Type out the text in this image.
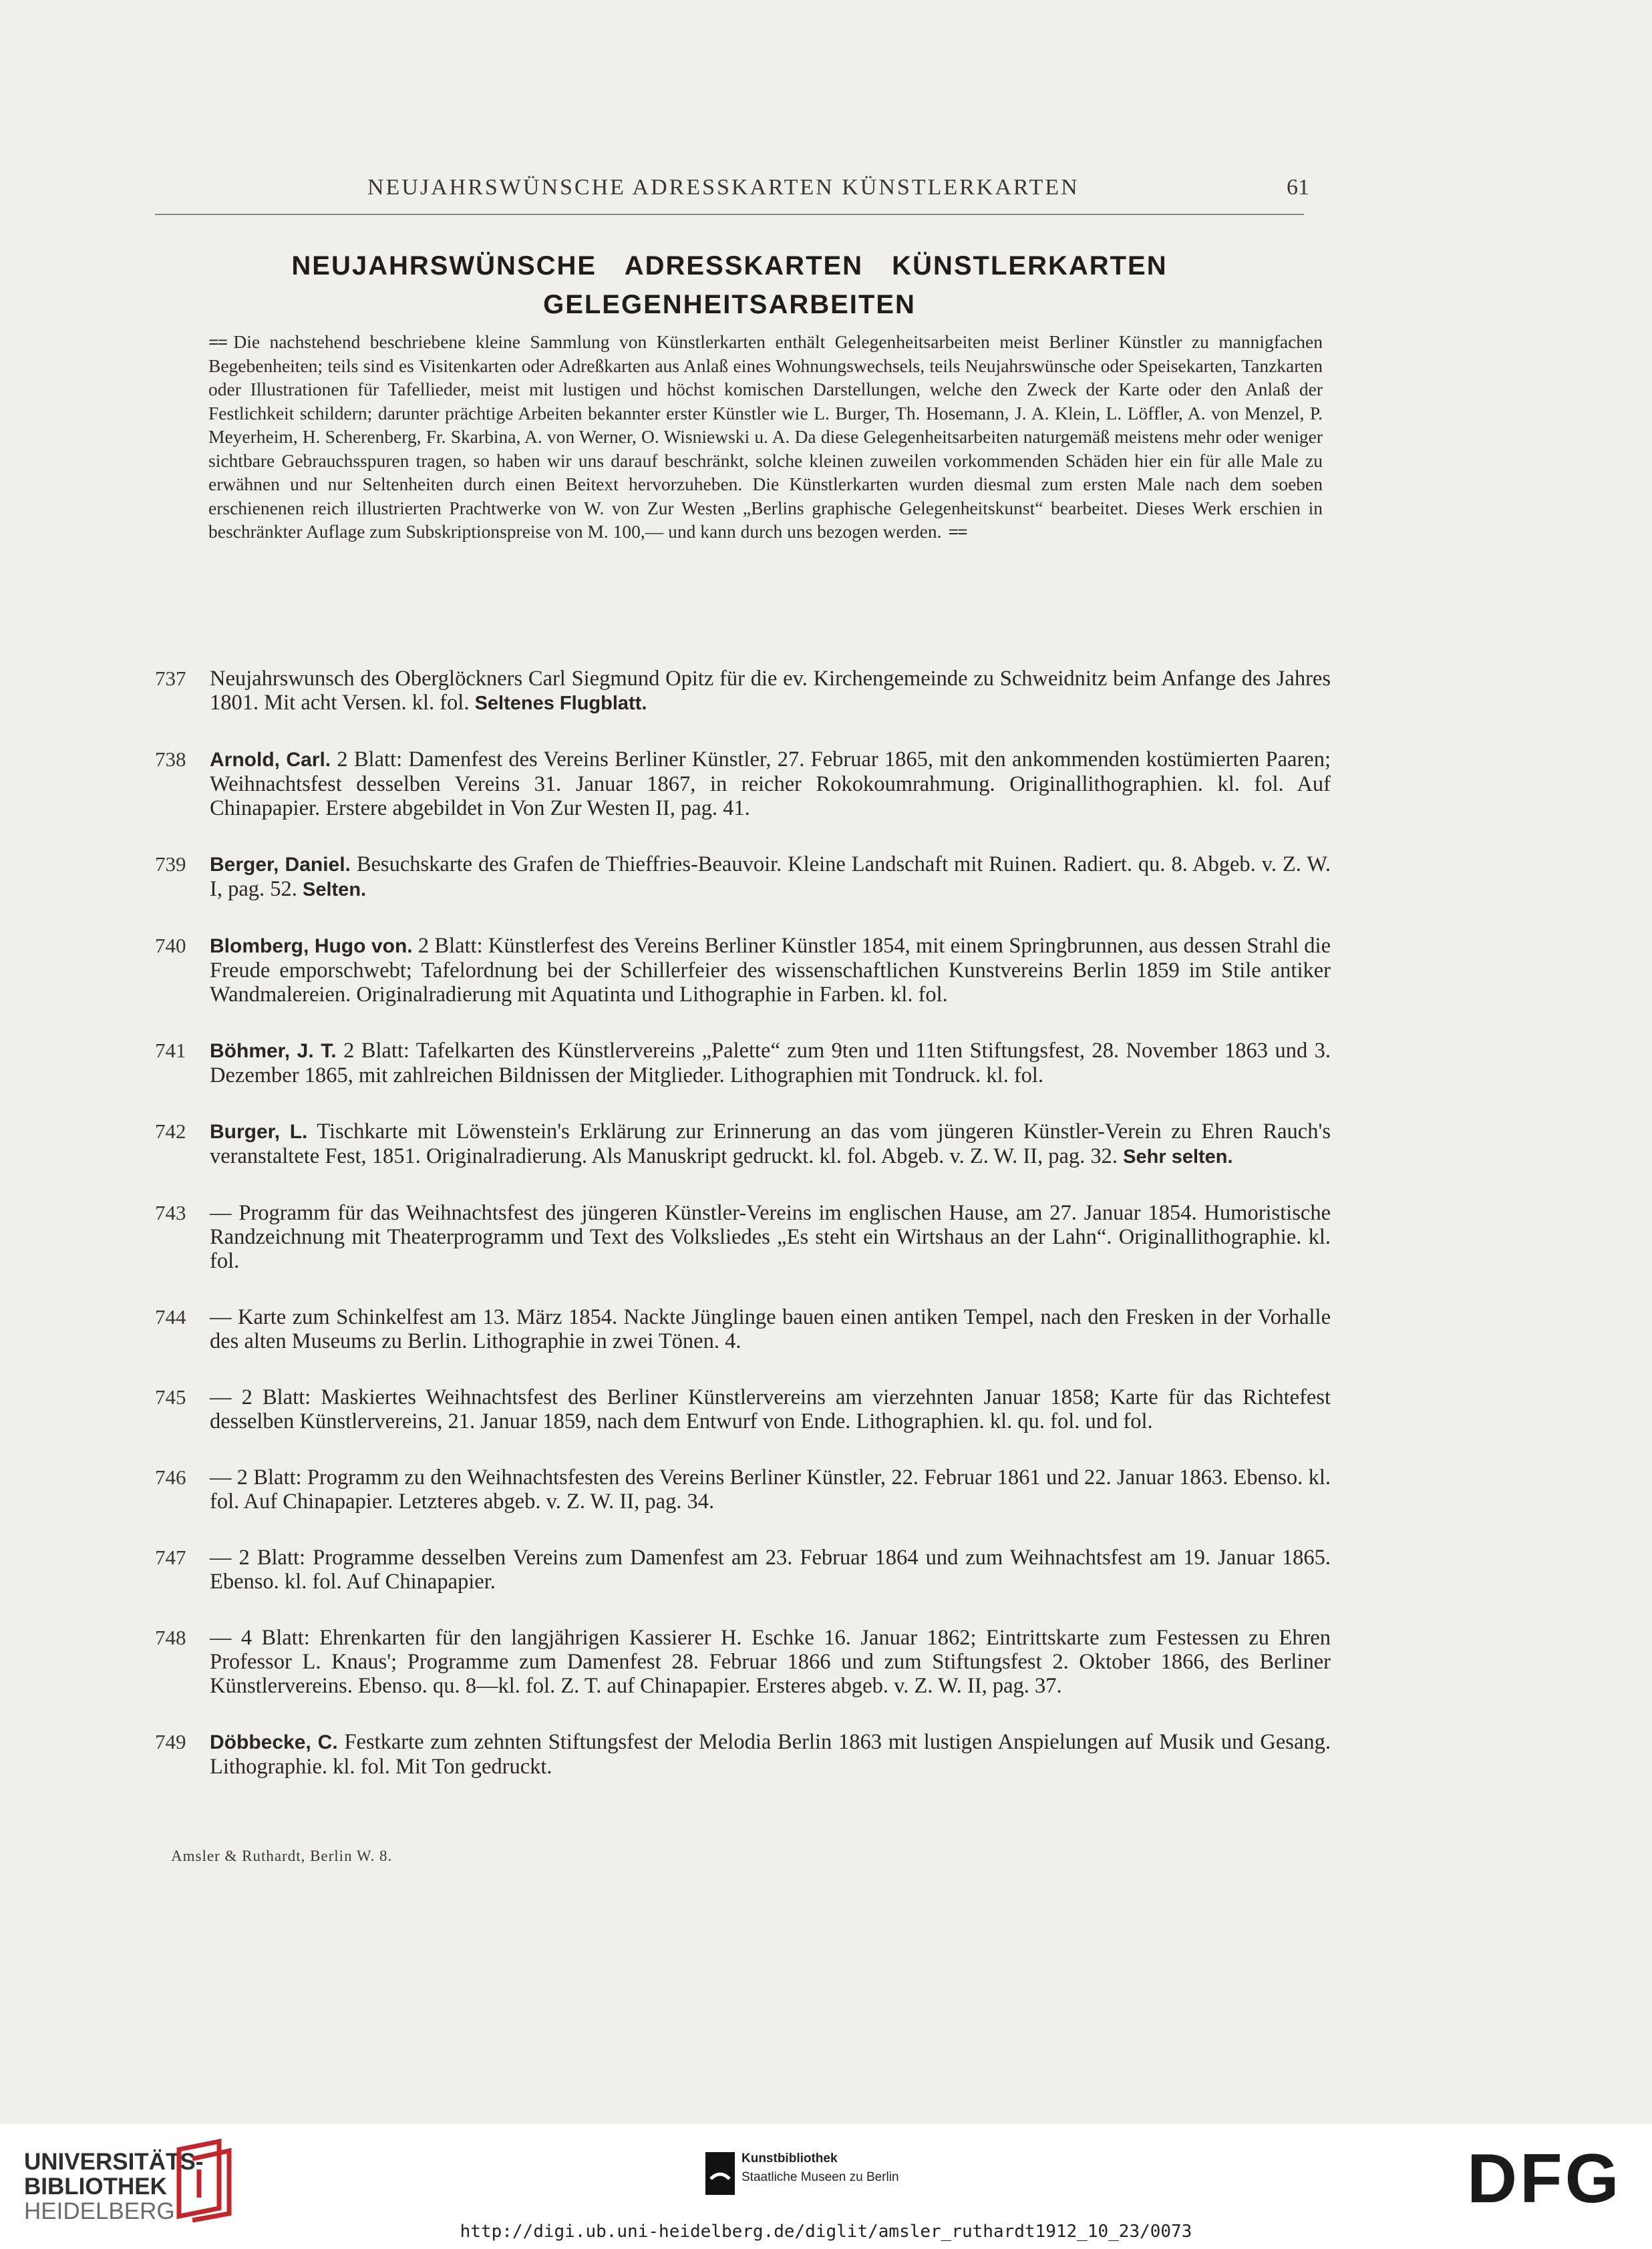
NEUJAHRSWÜNSCHE ADRESSKARTEN KÜNSTLERKARTEN	61
NEUJAHRSWÜNSCHE ADRESSKARTEN KÜNSTLERKARTEN
GELEGENHEITSARBEITEN
== Die nachstehend beschriebene kleine Sammlung von Künstlerkarten enthält Gelegenheitsarbeiten meist Berliner Künstler zu mannigfachen Begebenheiten; teils sind es Visitenkarten oder Adreßkarten aus Anlaß eines Wohnungswechsels, teils Neujahrswünsche oder Speisekarten, Tanzkarten oder Illustrationen für Tafellieder, meist mit lustigen und höchst komischen Darstellungen, welche den Zweck der Karte oder den Anlaß der Festlichkeit schildern; darunter prächtige Arbeiten bekannter erster Künstler wie L. Burger, Th. Hosemann, J. A. Klein, L. Löffler, A. von Menzel, P. Meyerheim, H. Scherenberg, Fr. Skarbina, A. von Werner, O. Wisniewski u. A. Da diese Gelegenheitsarbeiten naturgemäß meistens mehr oder weniger sichtbare Gebrauchsspuren tragen, so haben wir uns darauf beschränkt, solche kleinen zuweilen vorkommenden Schäden hier ein für alle Male zu erwähnen und nur Seltenheiten durch einen Beitext hervorzuheben. Die Künstlerkarten wurden diesmal zum ersten Male nach dem soeben erschienenen reich illustrierten Prachtwerke von W. von Zur Westen „Berlins graphische Gelegenheitskunst“ bearbeitet. Dieses Werk erschien in beschränkter Auflage zum Subskriptionspreise von M. 100,— und kann durch uns bezogen werden. ==
737 Neujahrswunsch des Oberglöckners Carl Siegmund Opitz für die ev. Kirchengemeinde zu Schweidnitz beim Anfange des Jahres 1801. Mit acht Versen. kl. fol. Seltenes Flugblatt.
738 Arnold, Carl. 2 Blatt: Damenfest des Vereins Berliner Künstler, 27. Februar 1865, mit den ankommenden kostümierten Paaren; Weihnachtsfest desselben Vereins 31. Januar 1867, in reicher Rokokoumrahmung. Originallithographien. kl. fol. Auf Chinapapier. Erstere abgebildet in Von Zur Westen II, pag. 41.
739 Berger, Daniel. Besuchskarte des Grafen de Thieffries-Beauvoir. Kleine Landschaft mit Ruinen. Radiert. qu. 8. Abgeb. v. Z. W. I, pag. 52. Selten.
740 Blomberg, Hugo von. 2 Blatt: Künstlerfest des Vereins Berliner Künstler 1854, mit einem Springbrunnen, aus dessen Strahl die Freude emporschwebt; Tafelordnung bei der Schillerfeier des wissenschaftlichen Kunstvereins Berlin 1859 im Stile antiker Wandmalereien. Originalradierung mit Aquatinta und Lithographie in Farben. kl. fol.
741 Böhmer, J. T. 2 Blatt: Tafelkarten des Künstlervereins „Palette“ zum 9ten und 11ten Stiftungsfest, 28. November 1863 und 3. Dezember 1865, mit zahlreichen Bildnissen der Mitglieder. Lithographien mit Tondruck. kl. fol.
742 Burger, L. Tischkarte mit Löwenstein's Erklärung zur Erinnerung an das vom jüngeren Künstler-Verein zu Ehren Rauch's veranstaltete Fest, 1851. Originalradierung. Als Manuskript gedruckt. kl. fol. Abgeb. v. Z. W. II, pag. 32. Sehr selten.
743 — Programm für das Weihnachtsfest des jüngeren Künstler-Vereins im englischen Hause, am 27. Januar 1854. Humoristische Randzeichnung mit Theaterprogramm und Text des Volksliedes „Es steht ein Wirtshaus an der Lahn“. Originallithographie. kl. fol.
744 — Karte zum Schinkelfest am 13. März 1854. Nackte Jünglinge bauen einen antiken Tempel, nach den Fresken in der Vorhalle des alten Museums zu Berlin. Lithographie in zwei Tönen. 4.
745 — 2 Blatt: Maskiertes Weihnachtsfest des Berliner Künstlervereins am vierzehnten Januar 1858; Karte für das Richtefest desselben Künstlervereins, 21. Januar 1859, nach dem Entwurf von Ende. Lithographien. kl. qu. fol. und fol.
746 — 2 Blatt: Programm zu den Weihnachtsfesten des Vereins Berliner Künstler, 22. Februar 1861 und 22. Januar 1863. Ebenso. kl. fol. Auf Chinapapier. Letzteres abgeb. v. Z. W. II, pag. 34.
747 — 2 Blatt: Programme desselben Vereins zum Damenfest am 23. Februar 1864 und zum Weihnachtsfest am 19. Januar 1865. Ebenso. kl. fol. Auf Chinapapier.
748 — 4 Blatt: Ehrenkarten für den langjährigen Kassierer H. Eschke 16. Januar 1862; Eintrittskarte zum Festessen zu Ehren Professor L. Knaus'; Programme zum Damenfest 28. Februar 1866 und zum Stiftungsfest 2. Oktober 1866, des Berliner Künstlervereins. Ebenso. qu. 8—kl. fol. Z. T. auf Chinapapier. Ersteres abgeb. v. Z. W. II, pag. 37.
749 Döbbecke, C. Festkarte zum zehnten Stiftungsfest der Melodia Berlin 1863 mit lustigen Anspielungen auf Musik und Gesang. Lithographie. kl. fol. Mit Ton gedruckt.
Amsler & Ruthardt, Berlin W. 8.
UNIVERSITÄTS-
BIBLIOTHEK
HEIDELBERG
Kunstbibliothek
Staatliche Museen zu Berlin	DFG
http://digi.ub.uni-heidelberg.de/diglit/amsler_ruthardt1912_10_23/0073
